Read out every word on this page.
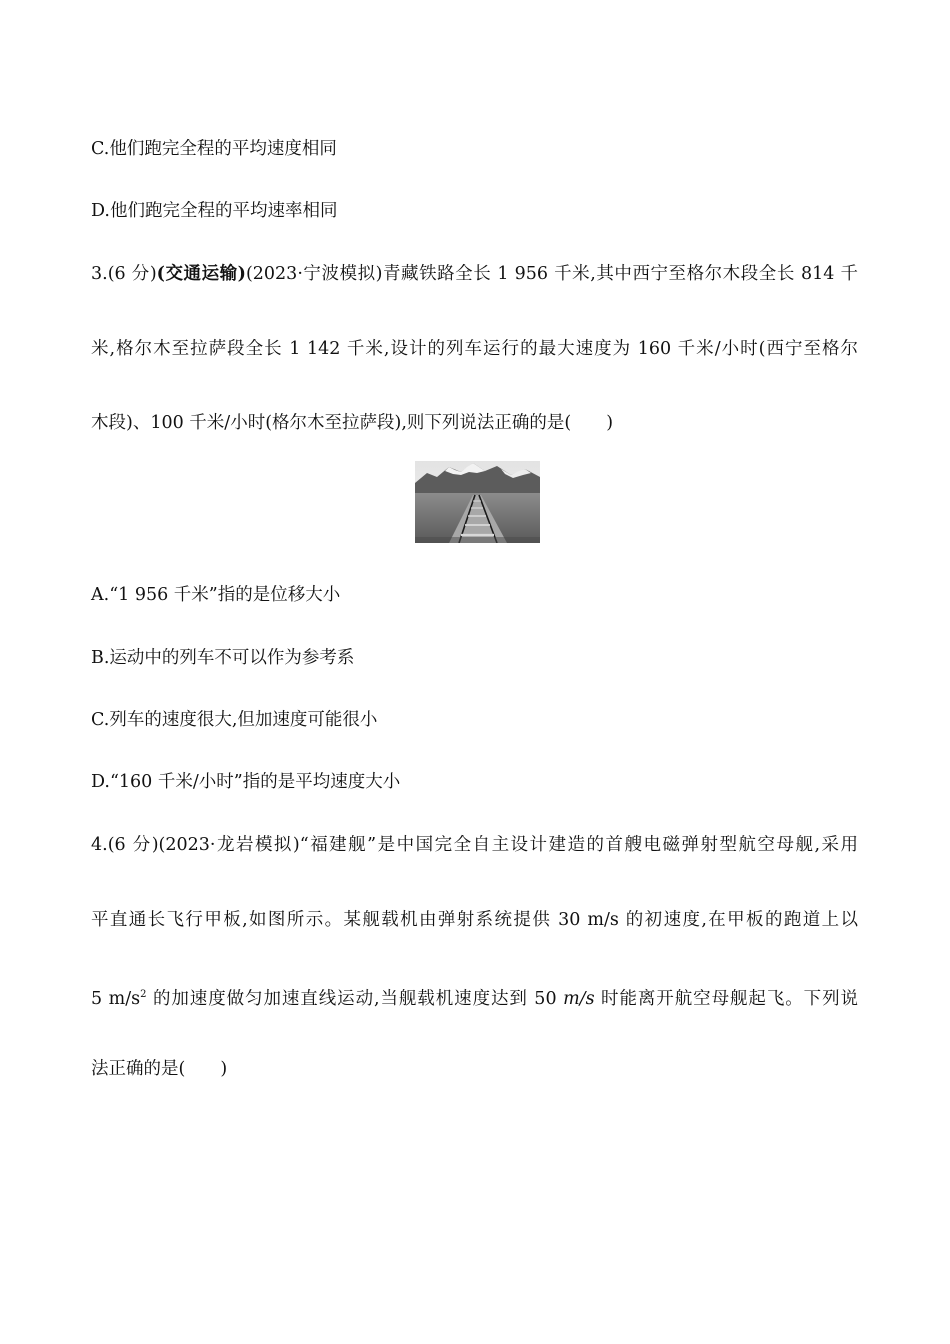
C.他们跑完全程的平均速度相同
D.他们跑完全程的平均速率相同
3.(6 分)(交通运输)(2023·宁波模拟)青藏铁路全长 1 956 千米,其中西宁至格尔木段全长 814 千
米,格尔木至拉萨段全长 1 142 千米,设计的列车运行的最大速度为 160 千米/小时(西宁至格尔
木段)、100 千米/小时(格尔木至拉萨段),则下列说法正确的是(　　)
A.“1 956 千米”指的是位移大小
B.运动中的列车不可以作为参考系
C.列车的速度很大,但加速度可能很小
D.“160 千米/小时”指的是平均速度大小
4.(6 分)(2023·龙岩模拟)“福建舰”是中国完全自主设计建造的首艘电磁弹射型航空母舰,采用
平直通长飞行甲板,如图所示。某舰载机由弹射系统提供 30 m/s 的初速度,在甲板的跑道上以
5 $m/s^2$ 的加速度做匀加速直线运动,当舰载机速度达到 50 m/s 时能离开航空母舰起飞。下列说
法正确的是(　　)
